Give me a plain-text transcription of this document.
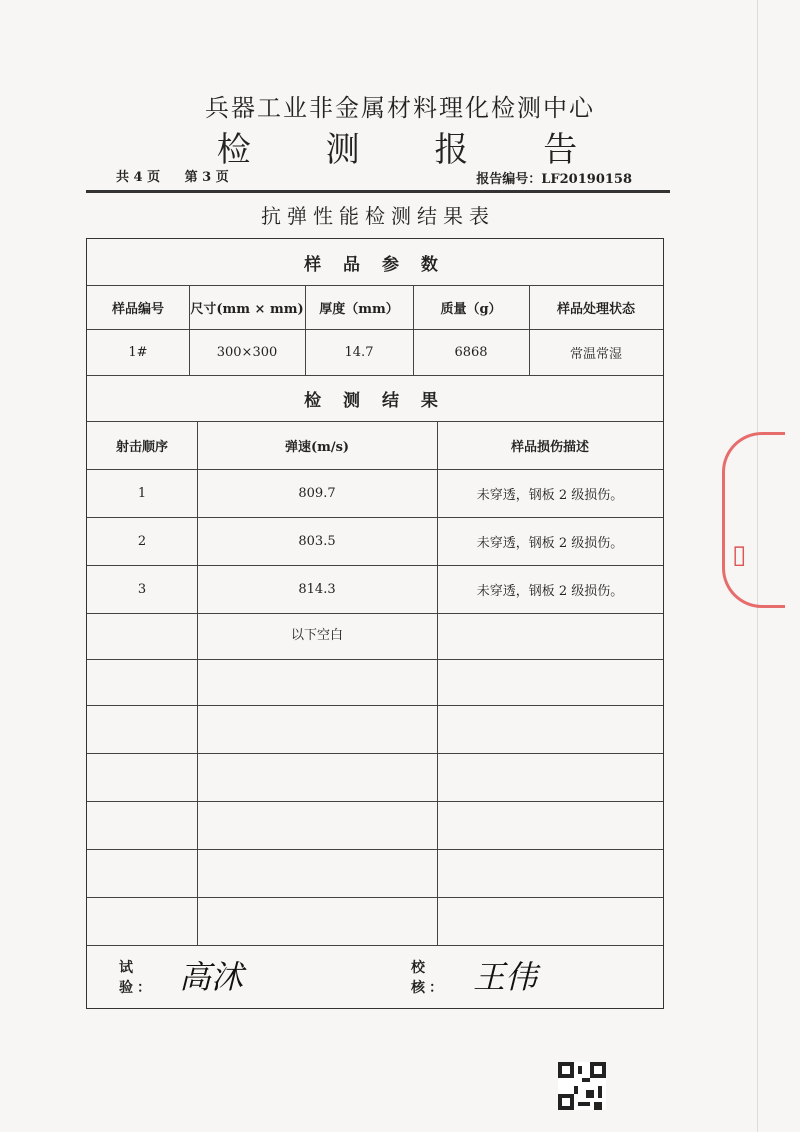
兵器工业非金属材料理化检测中心
检 测 报 告
共 4 页 第 3 页	报告编号：LF20190158
抗弹性能检测结果表
样 品 参 数
样品编号	尺寸(mm × mm)	厚度（mm）	质量（g）	样品处理状态
1#	300×300	14.7	6868	常温常湿
检 测 结 果
射击顺序	弹速(m/s)	样品损伤描述
1	809.7	未穿透，钢板 2 级损伤。
2	803.5	未穿透，钢板 2 级损伤。
3	814.3	未穿透，钢板 2 级损伤。
以下空白
试 验： 高沭	校 核： 王伟
▯
